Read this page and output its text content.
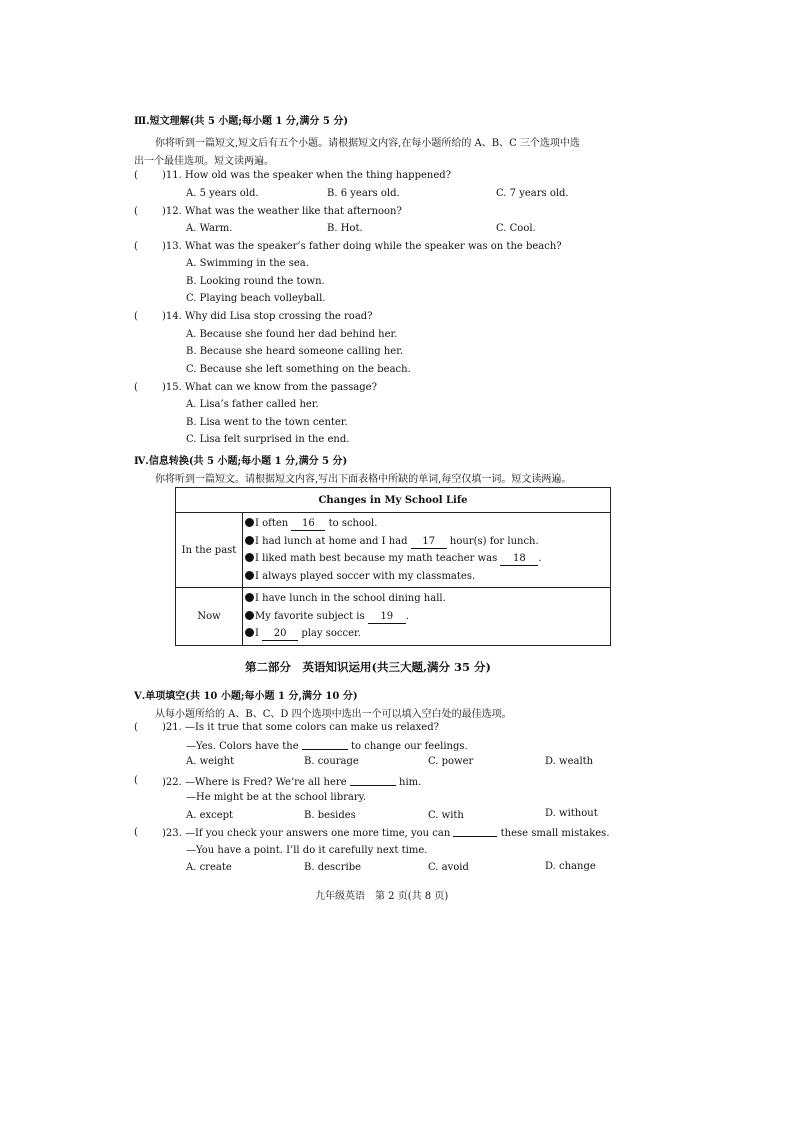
Ⅲ.短文理解(共 5 小题;每小题 1 分,满分 5 分)
你将听到一篇短文,短文后有五个小题。请根据短文内容,在每小题所给的 A、B、C 三个选项中选
出一个最佳选项。短文读两遍。
( )11. How old was the speaker when the thing happened?
A. 5 years old.	B. 6 years old.	C. 7 years old.
( )12. What was the weather like that afternoon?
A. Warm.	B. Hot.	C. Cool.
( )13. What was the speaker’s father doing while the speaker was on the beach?
A. Swimming in the sea.
B. Looking round the town.
C. Playing beach volleyball.
( )14. Why did Lisa stop crossing the road?
A. Because she found her dad behind her.
B. Because she heard someone calling her.
C. Because she left something on the beach.
( )15. What can we know from the passage?
A. Lisa’s father called her.
B. Lisa went to the town center.
C. Lisa felt surprised in the end.
Ⅳ.信息转换(共 5 小题;每小题 1 分,满分 5 分)
你将听到一篇短文。请根据短文内容,写出下面表格中所缺的单词,每空仅填一词。短文读两遍。
Changes in My School Life	
In the past	I often 16 to school.
I had lunch at home and I had 17 hour(s) for lunch.
I liked math best because my math teacher was 18 .
I always played soccer with my classmates.

Now	I have lunch in the school dining hall.
My favorite subject is 19 .
I 20 play soccer.
第二部分　英语知识运用(共三大题,满分 35 分)
Ⅴ.单项填空(共 10 小题;每小题 1 分,满分 10 分)
从每小题所给的 A、B、C、D 四个选项中选出一个可以填入空白处的最佳选项。
( )21. —Is it true that some colors can make us relaxed?
—Yes. Colors have the	to change our feelings.
A. weight	B. courage	C. power	D. wealth
( )22. —Where is Fred? We’re all here	him.
—He might be at the school library.
A. except	B. besides	C. with	D. without
( )23. —If you check your answers one more time, you can	these small mistakes.
—You have a point. I’ll do it carefully next time.
A. create	B. describe	C. avoid	D. change
九年级英语　第 2 页(共 8 页)
